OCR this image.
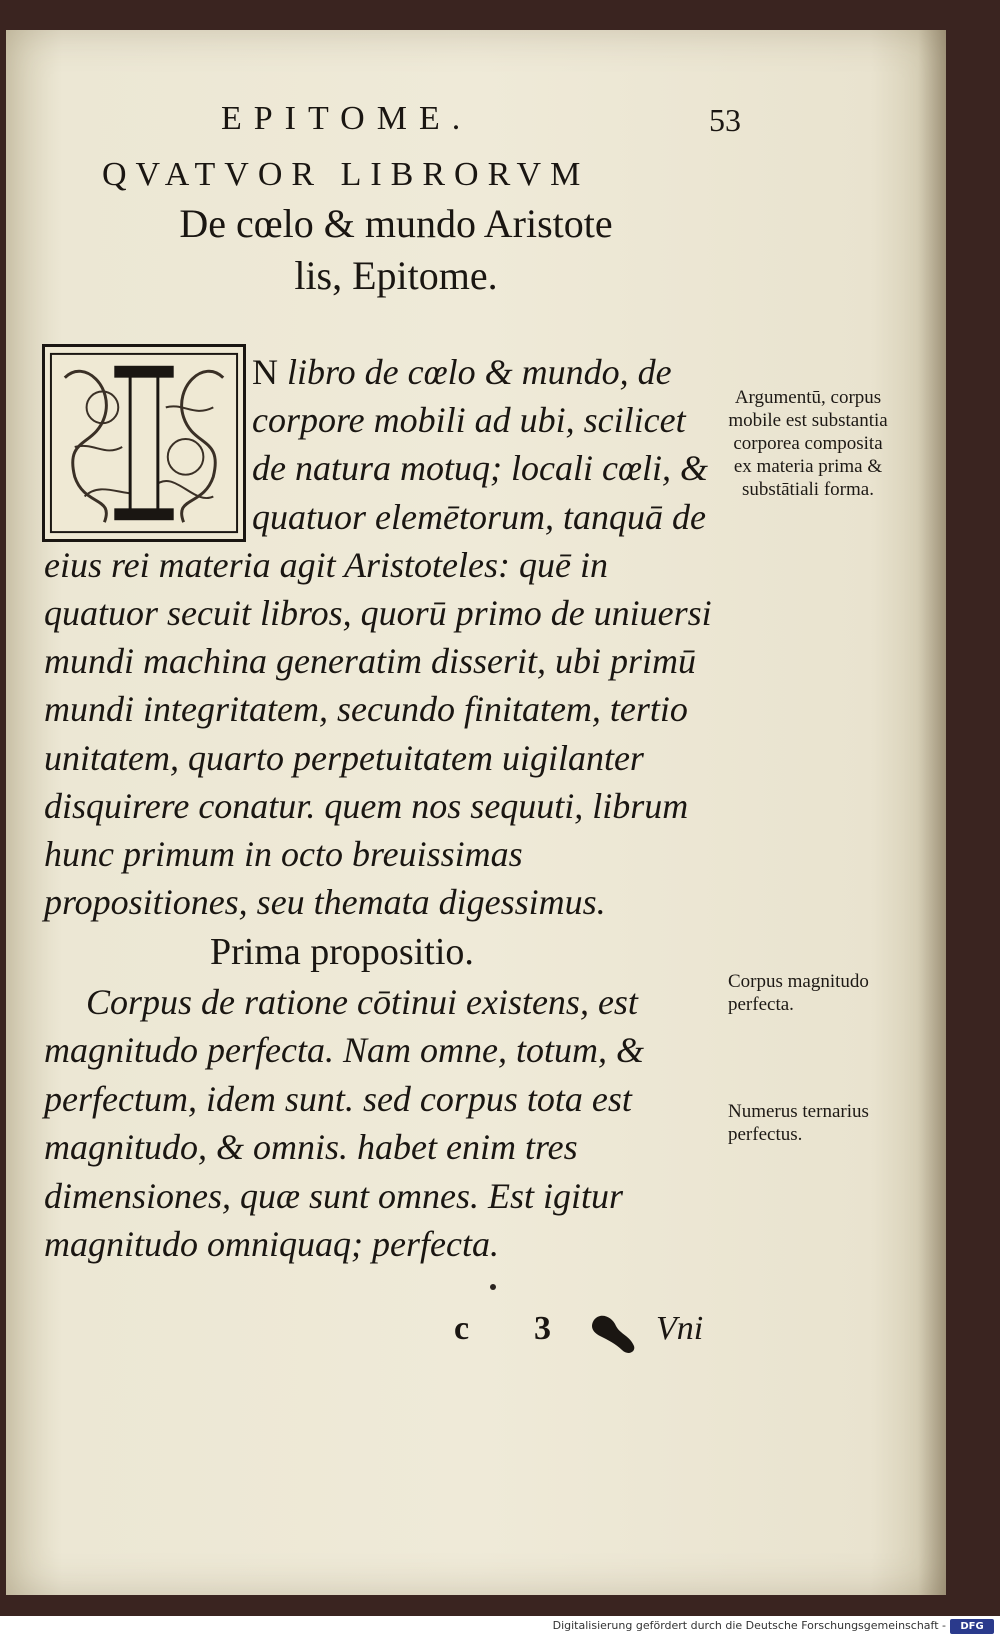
EPITOME.	53
QVATVOR LIBRORVM
De cœlo & mundo Aristote
lis, Epitome.
N libro de cœlo & mundo, de corpore mobili ad ubi, scilicet de natura motuq; locali cœli, & quatuor elemētorum, tanquā de eius rei materia agit Aristoteles: quē in quatuor secuit libros, quorū primo de uniuersi mundi machina generatim disserit, ubi primū mundi integritatem, secundo finitatem, tertio unitatem, quarto perpetuitatem uigilanter disquirere conatur. quem nos sequuti, librum hunc primum in octo breuissimas propositiones, seu themata digessimus.
Prima propositio.
Corpus de ratione cōtinui existens, est magnitudo perfecta. Nam omne, totum, & perfectum, idem sunt. sed corpus tota est magnitudo, & omnis. habet enim tres dimensiones, quæ sunt omnes. Est igitur magnitudo omniquaq; perfecta.
Argumentū, corpus mobile est substantia corporea composita ex materia prima & substātiali forma.
Corpus magnitudo perfecta.
Numerus ternarius perfectus.
c 3	Vni
Digitalisierung gefördert durch die Deutsche Forschungsgemeinschaft -	DFG
